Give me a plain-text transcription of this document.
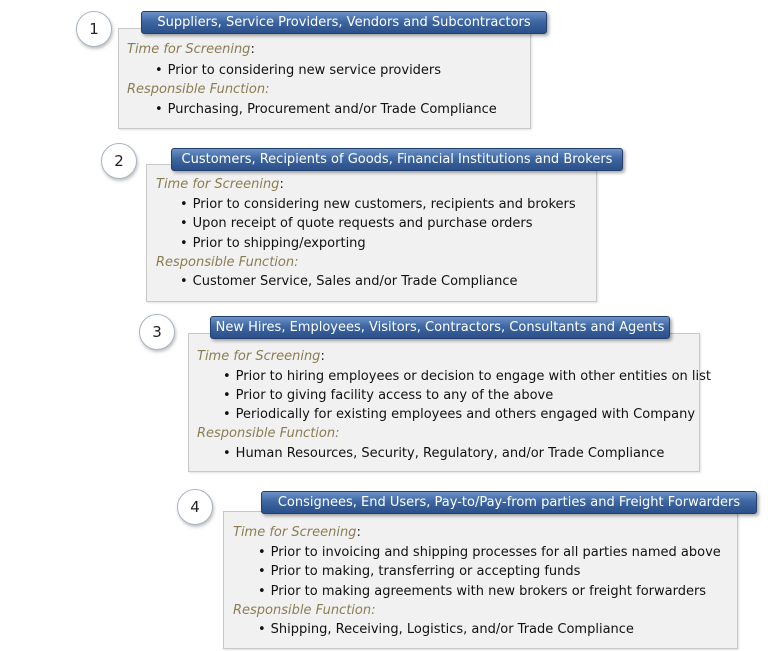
1	Suppliers, Service Providers, Vendors and Subcontractors
Time for Screening:
• Prior to considering new service providers
Responsible Function:
• Purchasing, Procurement and/or Trade Compliance
2	Customers, Recipients of Goods, Financial Institutions and Brokers
Time for Screening:
• Prior to considering new customers, recipients and brokers
• Upon receipt of quote requests and purchase orders
• Prior to shipping/exporting
Responsible Function:
• Customer Service, Sales and/or Trade Compliance
3	New Hires, Employees, Visitors, Contractors, Consultants and Agents
Time for Screening:
• Prior to hiring employees or decision to engage with other entities on list
• Prior to giving facility access to any of the above
• Periodically for existing employees and others engaged with Company
Responsible Function:
• Human Resources, Security, Regulatory, and/or Trade Compliance
4	Consignees, End Users, Pay-to/Pay-from parties and Freight Forwarders
Time for Screening:
• Prior to invoicing and shipping processes for all parties named above
• Prior to making, transferring or accepting funds
• Prior to making agreements with new brokers or freight forwarders
Responsible Function:
• Shipping, Receiving, Logistics, and/or Trade Compliance
